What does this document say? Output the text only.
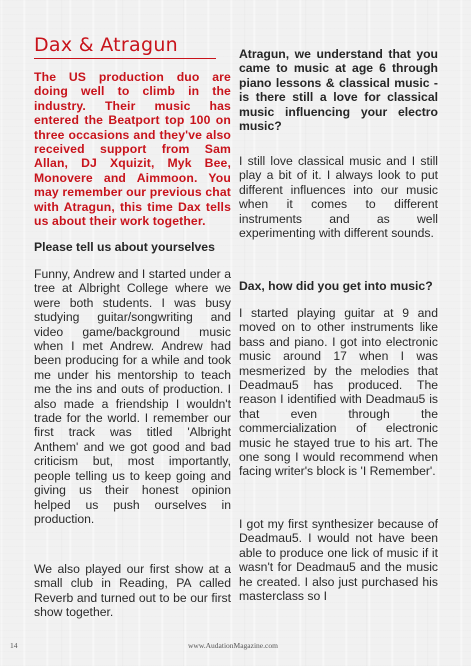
Dax & Atragun

The US production duo are doing well to climb in the industry. Their music has entered the Beatport top 100 on three occasions and they've also received support from Sam Allan, DJ Xquizit, Myk Bee, Monovere and Aimmoon. You may remember our previous chat with Atragun, this time Dax tells us about their work together.

Please tell us about yourselves

Funny, Andrew and I started under a tree at Albright College where we were both students. I was busy studying guitar/songwriting and video game/background music when I met Andrew. Andrew had been producing for a while and took me under his mentorship to teach me the ins and outs of production. I also made a friendship I wouldn't trade for the world. I remember our first track was titled 'Albright Anthem' and we got good and bad criticism but, most importantly, people telling us to keep going and giving us their honest opinion helped us push ourselves in production.

We also played our first show at a small club in Reading, PA called Reverb and turned out to be our first show together.

Atragun, we understand that you came to music at age 6 through piano lessons & classical music - is there still a love for classical music influencing your electro music?

I still love classical music and I still play a bit of it. I always look to put different influences into our music when it comes to different instruments and as well experimenting with different sounds.

Dax, how did you get into music?

I started playing guitar at 9 and moved on to other instruments like bass and piano. I got into electronic music around 17 when I was mesmerized by the melodies that Deadmau5 has produced. The reason I identified with Deadmau5 is that even through the commercialization of electronic music he stayed true to his art. The one song I would recommend when facing writer's block is 'I Remember'.

I got my first synthesizer because of Deadmau5. I would not have been able to produce one lick of music if it wasn't for Deadmau5 and the music he created. I also just purchased his masterclass so I

14	www.AudationMagazine.com
